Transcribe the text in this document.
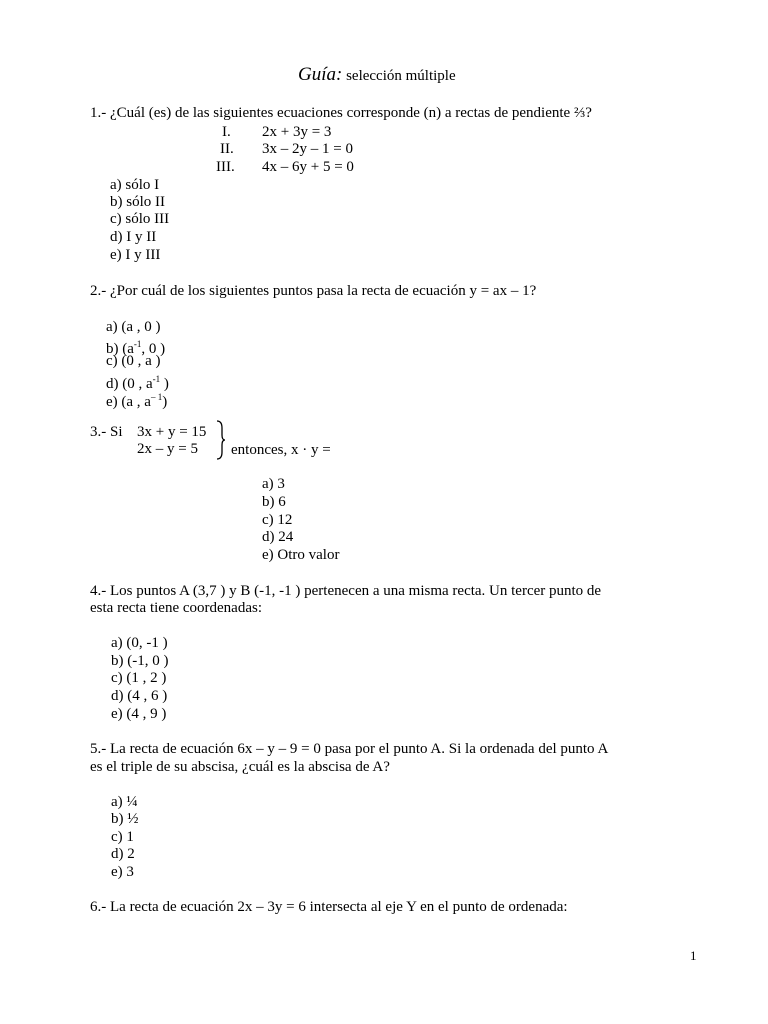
Guía: selección múltiple
1.- ¿Cuál (es) de las siguientes ecuaciones corresponde (n) a rectas de pendiente ⅔?
I. 2x + 3y = 3
II. 3x – 2y – 1 = 0
III. 4x – 6y + 5 = 0
a) sólo I
b) sólo II
c) sólo III
d) I y II
e) I y III
2.- ¿Por cuál de los siguientes puntos pasa la recta de ecuación y = ax – 1?
a) (a , 0 )
b) ($a^{-1}$, 0 )
c) (0 , a )
d) (0 , $a^{-1}$ )
e) (a , $a^{- 1}$)
3.- Si 3x + y = 15
2x – y = 5 entonces, x · y =
a) 3
b) 6
c) 12
d) 24
e) Otro valor
4.- Los puntos A (3,7 ) y B (-1, -1 ) pertenecen a una misma recta. Un tercer punto de
esta recta tiene coordenadas:
a) (0, -1 )
b) (-1, 0 )
c) (1 , 2 )
d) (4 , 6 )
e) (4 , 9 )
5.- La recta de ecuación 6x – y – 9 = 0 pasa por el punto A. Si la ordenada del punto A
es el triple de su abscisa, ¿cuál es la abscisa de A?
a) ¼
b) ½
c) 1
d) 2
e) 3
6.- La recta de ecuación 2x – 3y = 6 intersecta al eje Y en el punto de ordenada:
1
